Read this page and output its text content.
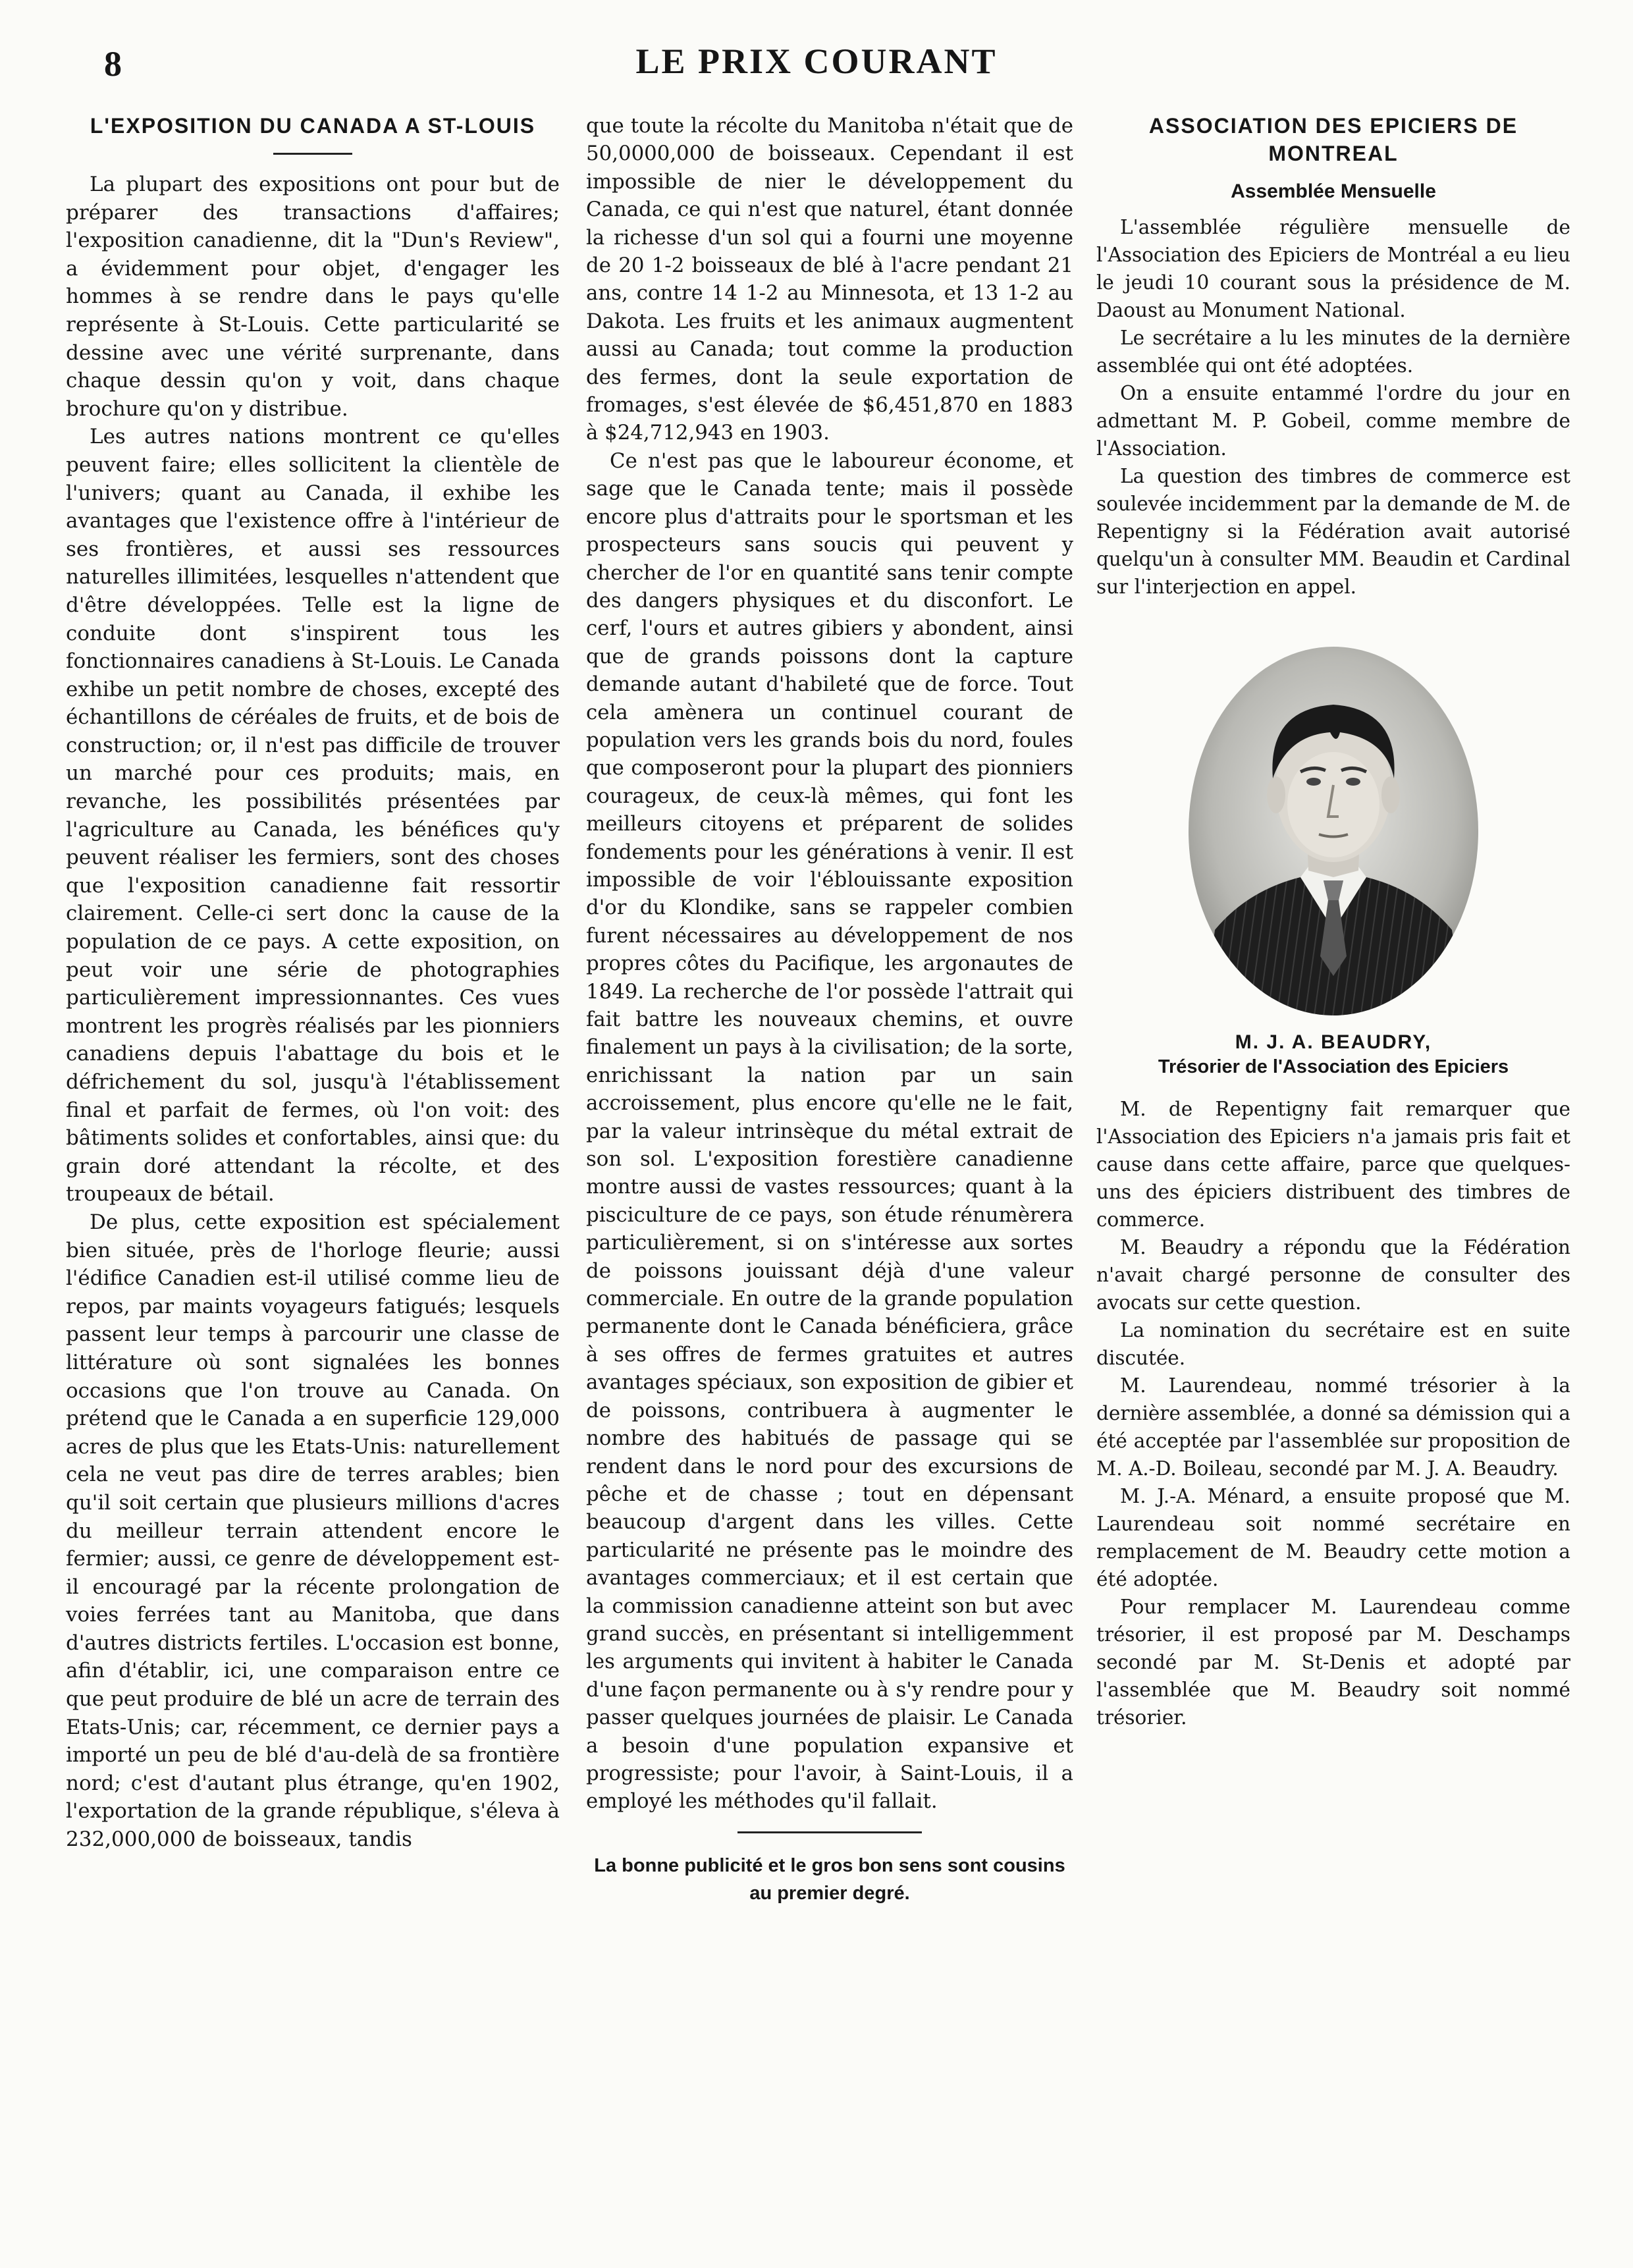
8	LE PRIX COURANT
L'EXPOSITION DU CANADA A ST-LOUIS

La plupart des expositions ont pour but de préparer des transactions d'affaires; l'exposition canadienne, dit la "Dun's Review", a évidemment pour objet, d'engager les hommes à se rendre dans le pays qu'elle représente à St-Louis. Cette particularité se dessine avec une vérité surprenante, dans chaque dessin qu'on y voit, dans chaque brochure qu'on y distribue.

Les autres nations montrent ce qu'elles peuvent faire; elles sollicitent la clientèle de l'univers; quant au Canada, il exhibe les avantages que l'existence offre à l'intérieur de ses frontières, et aussi ses ressources naturelles illimitées, lesquelles n'attendent que d'être développées. Telle est la ligne de conduite dont s'inspirent tous les fonctionnaires canadiens à St-Louis. Le Canada exhibe un petit nombre de choses, excepté des échantillons de céréales de fruits, et de bois de construction; or, il n'est pas difficile de trouver un marché pour ces produits; mais, en revanche, les possibilités présentées par l'agriculture au Canada, les bénéfices qu'y peuvent réaliser les fermiers, sont des choses que l'exposition canadienne fait ressortir clairement. Celle-ci sert donc la cause de la population de ce pays. A cette exposition, on peut voir une série de photographies particulièrement impressionnantes. Ces vues montrent les progrès réalisés par les pionniers canadiens depuis l'abattage du bois et le défrichement du sol, jusqu'à l'établissement final et parfait de fermes, où l'on voit: des bâtiments solides et confortables, ainsi que: du grain doré attendant la récolte, et des troupeaux de bétail.

De plus, cette exposition est spécialement bien située, près de l'horloge fleurie; aussi l'édifice Canadien est-il utilisé comme lieu de repos, par maints voyageurs fatigués; lesquels passent leur temps à parcourir une classe de littérature où sont signalées les bonnes occasions que l'on trouve au Canada. On prétend que le Canada a en superficie 129,000 acres de plus que les Etats-Unis: naturellement cela ne veut pas dire de terres arables; bien qu'il soit certain que plusieurs millions d'acres du meilleur terrain attendent encore le fermier; aussi, ce genre de développement est-il encouragé par la récente prolongation de voies ferrées tant au Manitoba, que dans d'autres districts fertiles. L'occasion est bonne, afin d'établir, ici, une comparaison entre ce que peut produire de blé un acre de terrain des Etats-Unis; car, récemment, ce dernier pays a importé un peu de blé d'au-delà de sa frontière nord; c'est d'autant plus étrange, qu'en 1902, l'exportation de la grande république, s'éleva à 232,000,000 de boisseaux, tandis

que toute la récolte du Manitoba n'était que de 50,0000,000 de boisseaux. Cependant il est impossible de nier le développement du Canada, ce qui n'est que naturel, étant donnée la richesse d'un sol qui a fourni une moyenne de 20 1-2 boisseaux de blé à l'acre pendant 21 ans, contre 14 1-2 au Minnesota, et 13 1-2 au Dakota. Les fruits et les animaux augmentent aussi au Canada; tout comme la production des fermes, dont la seule exportation de fromages, s'est élevée de $6,451,870 en 1883 à $24,712,943 en 1903.

Ce n'est pas que le laboureur économe, et sage que le Canada tente; mais il possède encore plus d'attraits pour le sportsman et les prospecteurs sans soucis qui peuvent y chercher de l'or en quantité sans tenir compte des dangers physiques et du disconfort. Le cerf, l'ours et autres gibiers y abondent, ainsi que de grands poissons dont la capture demande autant d'habileté que de force. Tout cela amènera un continuel courant de population vers les grands bois du nord, foules que composeront pour la plupart des pionniers courageux, de ceux-là mêmes, qui font les meilleurs citoyens et préparent de solides fondements pour les générations à venir. Il est impossible de voir l'éblouissante exposition d'or du Klondike, sans se rappeler combien furent nécessaires au développement de nos propres côtes du Pacifique, les argonautes de 1849. La recherche de l'or possède l'attrait qui fait battre les nouveaux chemins, et ouvre finalement un pays à la civilisation; de la sorte, enrichissant la nation par un sain accroissement, plus encore qu'elle ne le fait, par la valeur intrinsèque du métal extrait de son sol. L'exposition forestière canadienne montre aussi de vastes ressources; quant à la pisciculture de ce pays, son étude rénumèrera particulièrement, si on s'intéresse aux sortes de poissons jouissant déjà d'une valeur commerciale. En outre de la grande population permanente dont le Canada bénéficiera, grâce à ses offres de fermes gratuites et autres avantages spéciaux, son exposition de gibier et de poissons, contribuera à augmenter le nombre des habitués de passage qui se rendent dans le nord pour des excursions de pêche et de chasse ; tout en dépensant beaucoup d'argent dans les villes. Cette particularité ne présente pas le moindre des avantages commerciaux; et il est certain que la commission canadienne atteint son but avec grand succès, en présentant si intelligemment les arguments qui invitent à habiter le Canada d'une façon permanente ou à s'y rendre pour y passer quelques journées de plaisir. Le Canada a besoin d'une population expansive et progressiste; pour l'avoir, à Saint-Louis, il a employé les méthodes qu'il fallait.

La bonne publicité et le gros bon sens sont cousins au premier degré.

ASSOCIATION DES EPICIERS DE MONTREAL
Assemblée Mensuelle

L'assemblée régulière mensuelle de l'Association des Epiciers de Montréal a eu lieu le jeudi 10 courant sous la présidence de M. Daoust au Monument National.

Le secrétaire a lu les minutes de la dernière assemblée qui ont été adoptées.

On a ensuite entammé l'ordre du jour en admettant M. P. Gobeil, comme membre de l'Association.

La question des timbres de commerce est soulevée incidemment par la demande de M. de Repentigny si la Fédération avait autorisé quelqu'un à consulter MM. Beaudin et Cardinal sur l'interjection en appel.

M. J. A. BEAUDRY,

Trésorier de l'Association des Epiciers

M. de Repentigny fait remarquer que l'Association des Epiciers n'a jamais pris fait et cause dans cette affaire, parce que quelques-uns des épiciers distribuent des timbres de commerce.

M. Beaudry a répondu que la Fédération n'avait chargé personne de consulter des avocats sur cette question.

La nomination du secrétaire est en suite discutée.

M. Laurendeau, nommé trésorier à la dernière assemblée, a donné sa démission qui a été acceptée par l'assemblée sur proposition de M. A.-D. Boileau, secondé par M. J. A. Beaudry.

M. J.-A. Ménard, a ensuite proposé que M. Laurendeau soit nommé secrétaire en remplacement de M. Beaudry cette motion a été adoptée.

Pour remplacer M. Laurendeau comme trésorier, il est proposé par M. Deschamps secondé par M. St-Denis et adopté par l'assemblée que M. Beaudry soit nommé trésorier.
